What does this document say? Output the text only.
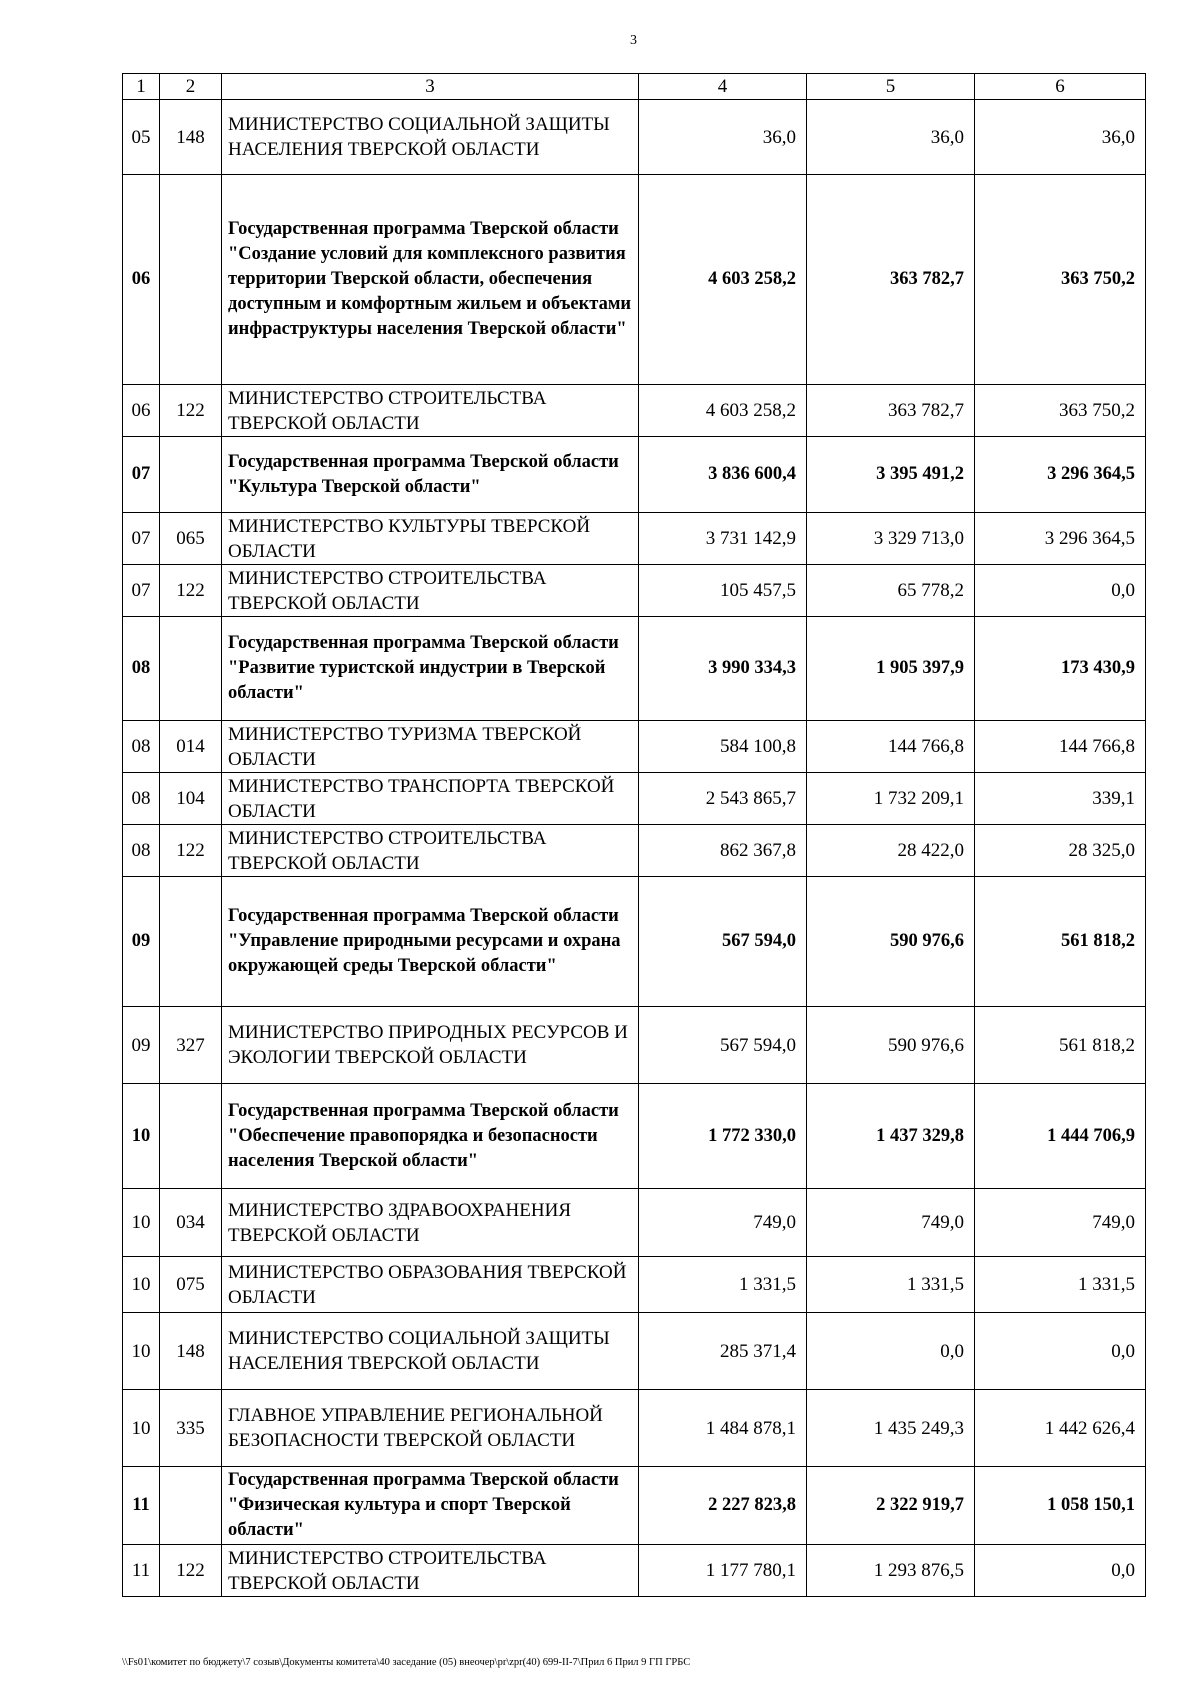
3
1	2	3	4	5	6
05	148	МИНИСТЕРСТВО СОЦИАЛЬНОЙ ЗАЩИТЫ НАСЕЛЕНИЯ ТВЕРСКОЙ ОБЛАСТИ	36,0	36,0	36,0
06		Государственная программа Тверской области "Создание условий для комплексного развития территории Тверской области, обеспечения доступным и комфортным жильем и объектами инфраструктуры населения Тверской области"	4 603 258,2	363 782,7	363 750,2
06	122	МИНИСТЕРСТВО СТРОИТЕЛЬСТВА ТВЕРСКОЙ ОБЛАСТИ	4 603 258,2	363 782,7	363 750,2
07		Государственная программа Тверской области "Культура Тверской области"	3 836 600,4	3 395 491,2	3 296 364,5
07	065	МИНИСТЕРСТВО КУЛЬТУРЫ ТВЕРСКОЙ ОБЛАСТИ	3 731 142,9	3 329 713,0	3 296 364,5
07	122	МИНИСТЕРСТВО СТРОИТЕЛЬСТВА ТВЕРСКОЙ ОБЛАСТИ	105 457,5	65 778,2	0,0
08		Государственная программа Тверской области "Развитие туристской индустрии в Тверской области"	3 990 334,3	1 905 397,9	173 430,9
08	014	МИНИСТЕРСТВО ТУРИЗМА ТВЕРСКОЙ ОБЛАСТИ	584 100,8	144 766,8	144 766,8
08	104	МИНИСТЕРСТВО ТРАНСПОРТА ТВЕРСКОЙ ОБЛАСТИ	2 543 865,7	1 732 209,1	339,1
08	122	МИНИСТЕРСТВО СТРОИТЕЛЬСТВА ТВЕРСКОЙ ОБЛАСТИ	862 367,8	28 422,0	28 325,0
09		Государственная программа Тверской области "Управление природными ресурсами и охрана окружающей среды Тверской области"	567 594,0	590 976,6	561 818,2
09	327	МИНИСТЕРСТВО ПРИРОДНЫХ РЕСУРСОВ И ЭКОЛОГИИ ТВЕРСКОЙ ОБЛАСТИ	567 594,0	590 976,6	561 818,2
10		Государственная программа Тверской области "Обеспечение правопорядка и безопасности населения Тверской области"	1 772 330,0	1 437 329,8	1 444 706,9
10	034	МИНИСТЕРСТВО ЗДРАВООХРАНЕНИЯ ТВЕРСКОЙ ОБЛАСТИ	749,0	749,0	749,0
10	075	МИНИСТЕРСТВО ОБРАЗОВАНИЯ ТВЕРСКОЙ ОБЛАСТИ	1 331,5	1 331,5	1 331,5
10	148	МИНИСТЕРСТВО СОЦИАЛЬНОЙ ЗАЩИТЫ НАСЕЛЕНИЯ ТВЕРСКОЙ ОБЛАСТИ	285 371,4	0,0	0,0
10	335	ГЛАВНОЕ УПРАВЛЕНИЕ РЕГИОНАЛЬНОЙ БЕЗОПАСНОСТИ ТВЕРСКОЙ ОБЛАСТИ	1 484 878,1	1 435 249,3	1 442 626,4
11		Государственная программа Тверской области "Физическая культура и спорт Тверской области"	2 227 823,8	2 322 919,7	1 058 150,1
11	122	МИНИСТЕРСТВО СТРОИТЕЛЬСТВА ТВЕРСКОЙ ОБЛАСТИ	1 177 780,1	1 293 876,5	0,0
\\Fs01\комитет по бюджету\7 созыв\Документы комитета\40 заседание (05) внеочер\pr\zpr(40) 699-II-7\Прил 6 Прил 9 ГП ГРБС
